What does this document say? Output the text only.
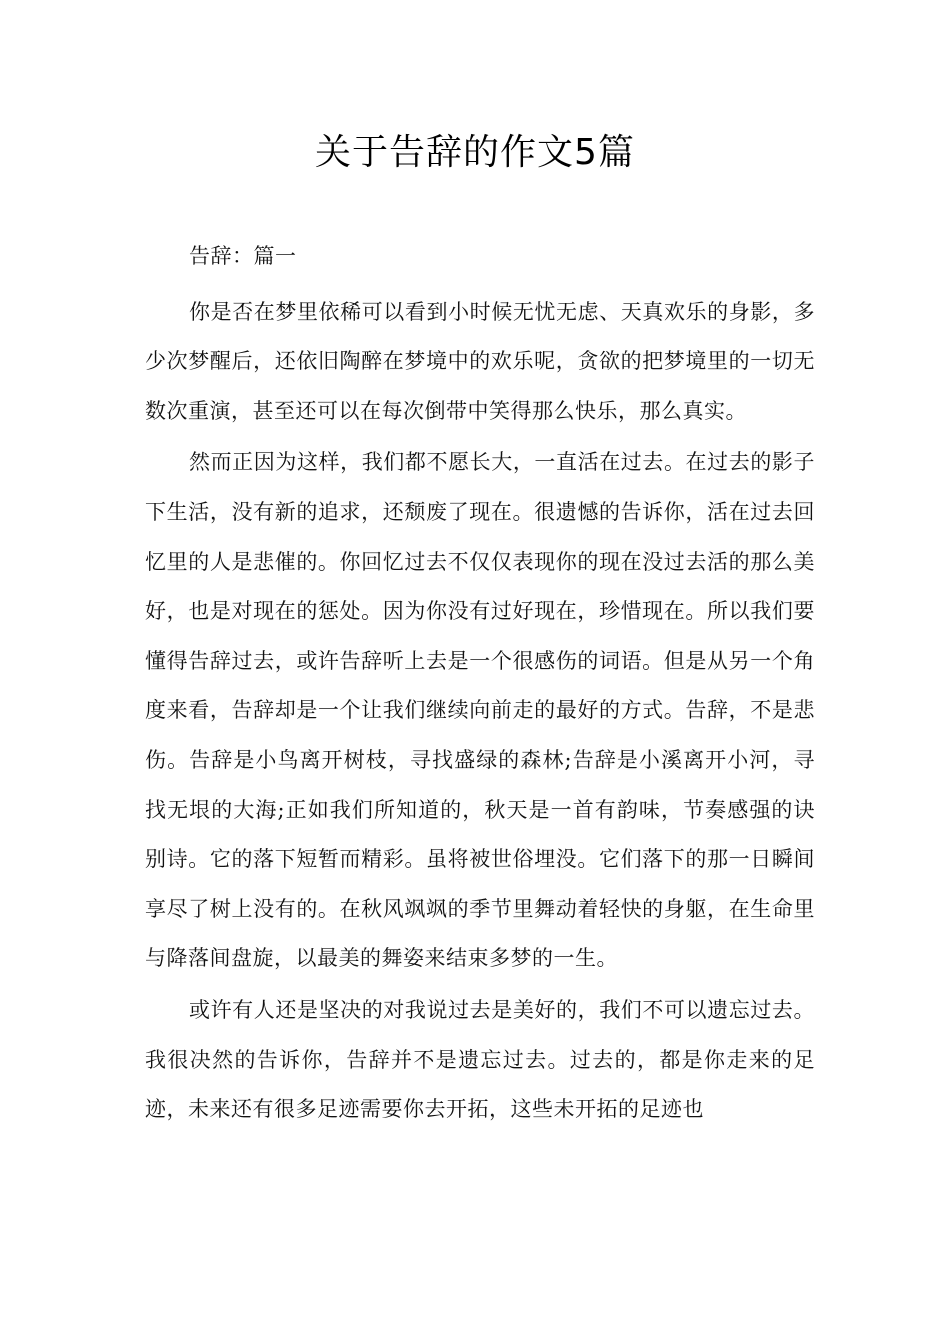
关于告辞的作文5篇

告辞：篇一

你是否在梦里依稀可以看到小时候无忧无虑、天真欢乐的身影，多少次梦醒后，还依旧陶醉在梦境中的欢乐呢，贪欲的把梦境里的一切无数次重演，甚至还可以在每次倒带中笑得那么快乐，那么真实。

然而正因为这样，我们都不愿长大，一直活在过去。在过去的影子下生活，没有新的追求，还颓废了现在。很遗憾的告诉你，活在过去回忆里的人是悲催的。你回忆过去不仅仅表现你的现在没过去活的那么美好，也是对现在的惩处。因为你没有过好现在，珍惜现在。所以我们要懂得告辞过去，或许告辞听上去是一个很感伤的词语。但是从另一个角度来看，告辞却是一个让我们继续向前走的最好的方式。告辞，不是悲伤。告辞是小鸟离开树枝，寻找盛绿的森林;告辞是小溪离开小河，寻找无垠的大海;正如我们所知道的，秋天是一首有韵味，节奏感强的诀别诗。它的落下短暂而精彩。虽将被世俗埋没。它们落下的那一日瞬间享尽了树上没有的。在秋风飒飒的季节里舞动着轻快的身躯，在生命里与降落间盘旋，以最美的舞姿来结束多梦的一生。

或许有人还是坚决的对我说过去是美好的，我们不可以遗忘过去。我很决然的告诉你，告辞并不是遗忘过去。过去的，都是你走来的足迹，未来还有很多足迹需要你去开拓，这些未开拓的足迹也
